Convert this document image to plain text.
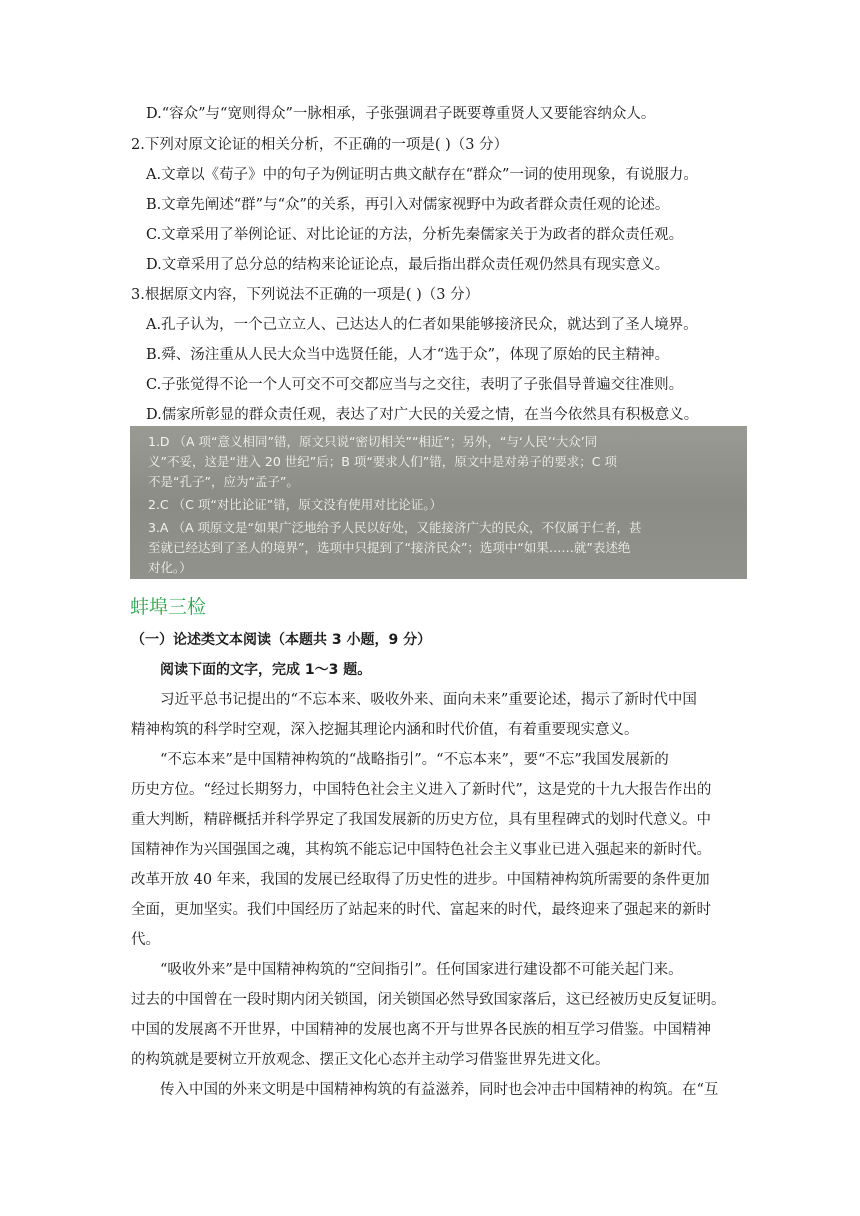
D.“容众”与“宽则得众”一脉相承，子张强调君子既要尊重贤人又要能容纳众人。
2.下列对原文论证的相关分析，不正确的一项是( )（3 分）
A.文章以《荀子》中的句子为例证明古典文献存在“群众”一词的使用现象，有说服力。
B.文章先阐述“群”与“众”的关系，再引入对儒家视野中为政者群众责任观的论述。
C.文章采用了举例论证、对比论证的方法，分析先秦儒家关于为政者的群众责任观。
D.文章采用了总分总的结构来论证论点，最后指出群众责任观仍然具有现实意义。
3.根据原文内容，下列说法不正确的一项是( )（3 分）
A.孔子认为，一个己立立人、己达达人的仁者如果能够接济民众，就达到了圣人境界。
B.舜、汤注重从人民大众当中选贤任能，人才“选于众”，体现了原始的民主精神。
C.子张觉得不论一个人可交不可交都应当与之交往，表明了子张倡导普遍交往准则。
D.儒家所彰显的群众责任观，表达了对广大民的关爱之情，在当今依然具有积极意义。
1.D （A 项“意义相同”错，原文只说“密切相关”“相近”；另外，“与‘人民’‘大众’同
义”不妥，这是“进入 20 世纪”后；B 项“要求人们”错，原文中是对弟子的要求；C 项
不是“孔子”，应为“孟子”。
2.C （C 项“对比论证”错，原文没有使用对比论证。）
3.A （A 项原文是“如果广泛地给予人民以好处，又能接济广大的民众，不仅属于仁者，甚
至就已经达到了圣人的境界”，选项中只提到了“接济民众”；选项中“如果……就”表述绝
对化。）
蚌埠三检
（一）论述类文本阅读（本题共 3 小题，9 分）
阅读下面的文字，完成 1～3 题。
习近平总书记提出的“不忘本来、吸收外来、面向未来”重要论述，揭示了新时代中国
精神构筑的科学时空观，深入挖掘其理论内涵和时代价值，有着重要现实意义。
“不忘本来”是中国精神构筑的“战略指引”。“不忘本来”，要“不忘”我国发展新的
历史方位。“经过长期努力，中国特色社会主义进入了新时代”，这是党的十九大报告作出的
重大判断，精辟概括并科学界定了我国发展新的历史方位，具有里程碑式的划时代意义。中
国精神作为兴国强国之魂，其构筑不能忘记中国特色社会主义事业已进入强起来的新时代。
改革开放 40 年来，我国的发展已经取得了历史性的进步。中国精神构筑所需要的条件更加
全面，更加坚实。我们中国经历了站起来的时代、富起来的时代，最终迎来了强起来的新时
代。
“吸收外来”是中国精神构筑的“空间指引”。任何国家进行建设都不可能关起门来。
过去的中国曾在一段时期内闭关锁国，闭关锁国必然导致国家落后，这已经被历史反复证明。
中国的发展离不开世界，中国精神的发展也离不开与世界各民族的相互学习借鉴。中国精神
的构筑就是要树立开放观念、摆正文化心态并主动学习借鉴世界先进文化。
传入中国的外来文明是中国精神构筑的有益滋养，同时也会冲击中国精神的构筑。在“互
